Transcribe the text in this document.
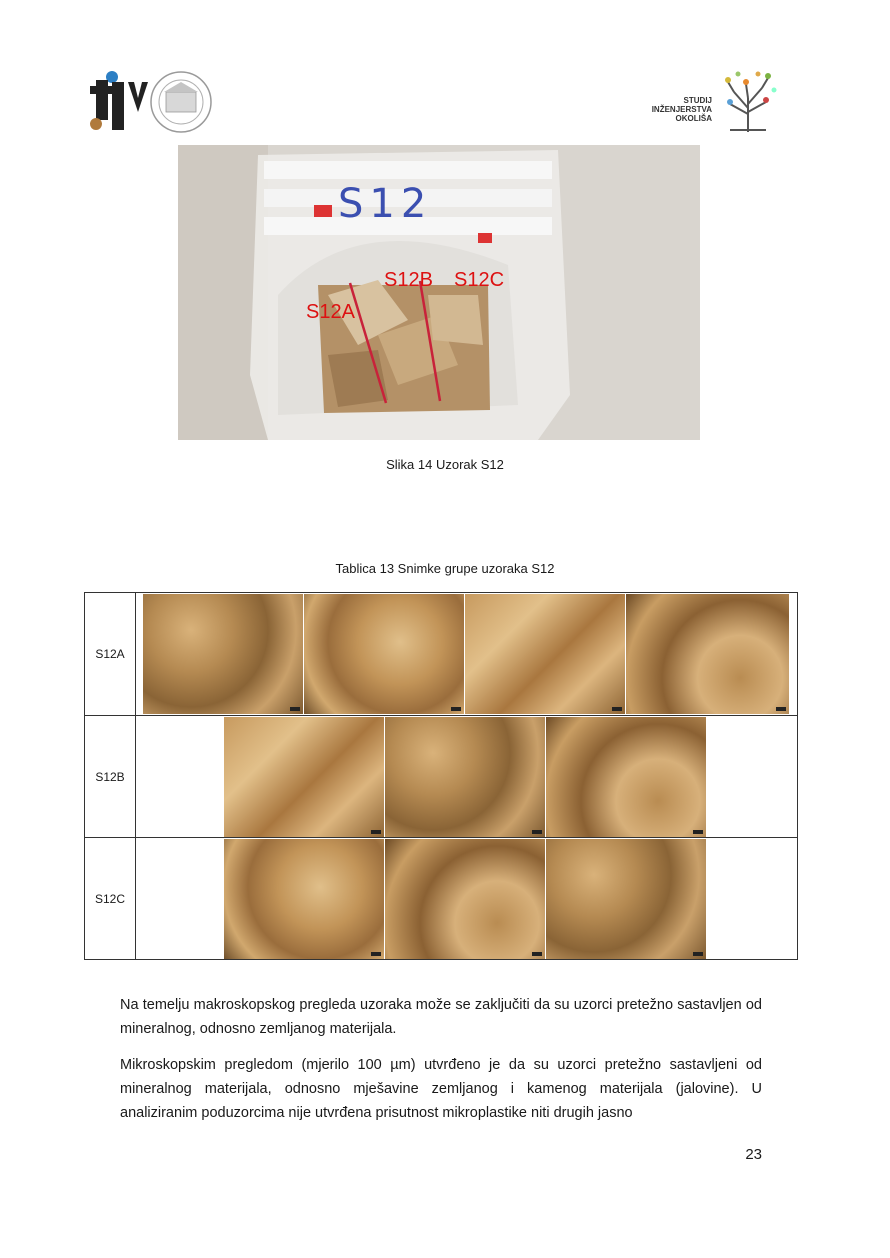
STUDIJ
INŽENJERSTVA
OKOLIŠA
S12
S12A
S12B S12C
Slika 14 Uzorak S12
Tablica 13 Snimke grupe uzoraka S12
S12A
S12B
S12C
Na temelju makroskopskog pregleda uzoraka može se zaključiti da su uzorci pretežno sastavljen od mineralnog, odnosno zemljanog materijala.
Mikroskopskim pregledom (mjerilo 100 µm) utvrđeno je da su uzorci pretežno sastavljeni od mineralnog materijala, odnosno mješavine zemljanog i kamenog materijala (jalovine). U analiziranim poduzorcima nije utvrđena prisutnost mikroplastike niti drugih jasno
23
